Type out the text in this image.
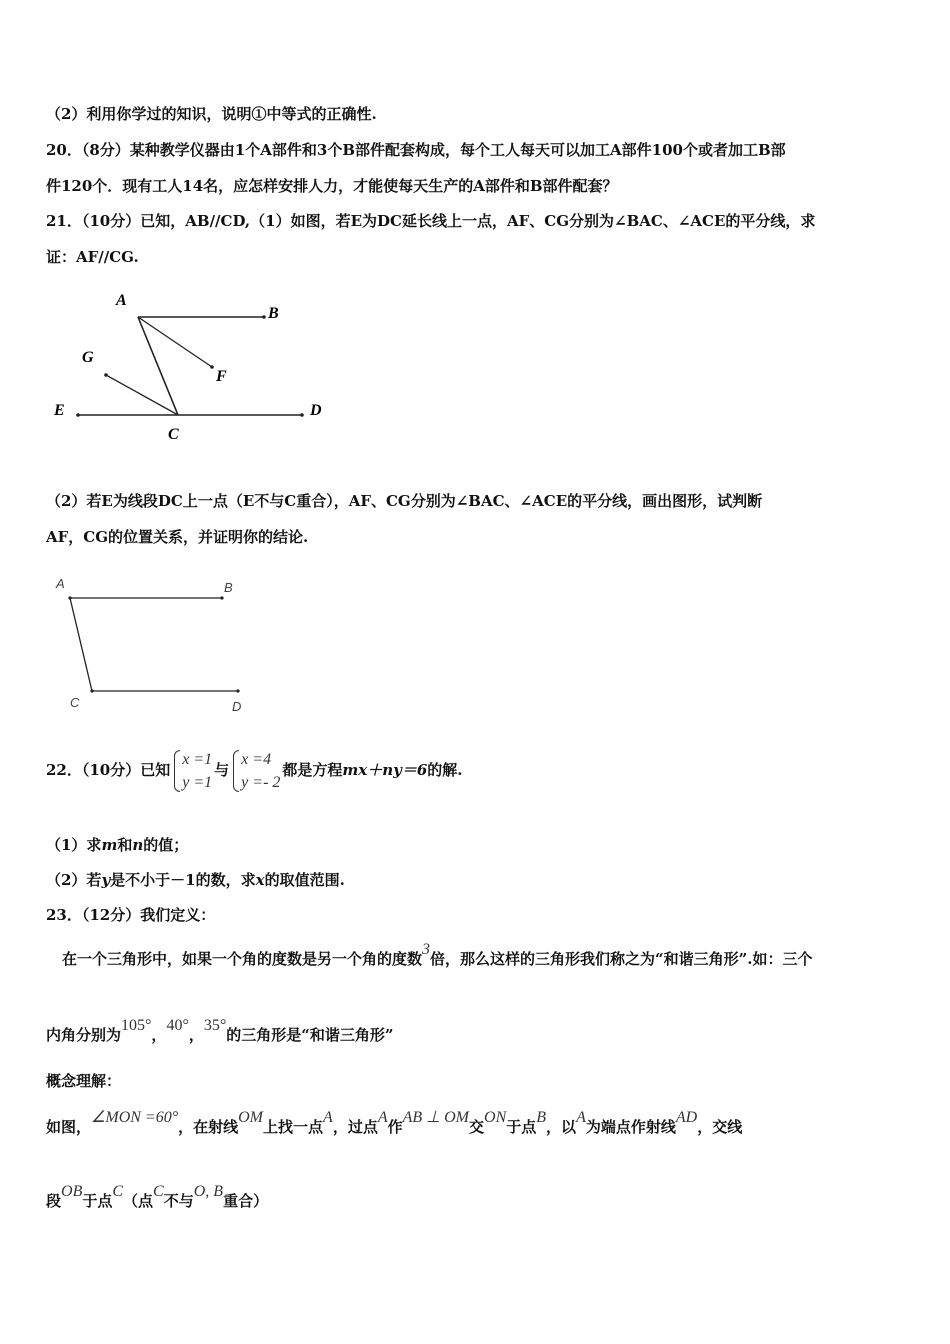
（2）利用你学过的知识，说明①中等式的正确性.
20．（8分）某种教学仪器由1个A部件和3个B部件配套构成，每个工人每天可以加工A部件100个或者加工B部
件120个．现有工人14名，应怎样安排人力，才能使每天生产的A部件和B部件配套？
21．（10分）已知，AB//CD,（1）如图，若E为DC延长线上一点，AF、CG分别为∠BAC、∠ACE的平分线，求
证：AF//CG.
A
B
G
F
E
C
D
（2）若E为线段DC上一点（E不与C重合），AF、CG分别为∠BAC、∠ACE的平分线，画出图形，试判断
AF，CG的位置关系，并证明你的结论.
A	B
C	D
22．（10分）已知
x =1
y =1
与
x =4
y =- 2
都是方程mx＋ny＝6的解.
（1）求m和n的值；
（2）若y是不小于－1的数，求x的取值范围.
23．（12分）我们定义：
在一个三角形中，如果一个角的度数是另一个角的度数3倍，那么这样的三角形我们称之为“和谐三角形”.如：三个
内角分别为105°，40°，35°的三角形是“和谐三角形”
概念理解：
如图，∠MON =60°，在射线OM上找一点A，过点A作AB ⊥ OM交ON于点B，以A为端点作射线AD，交线
段OB于点C（点C不与O, B重合）
